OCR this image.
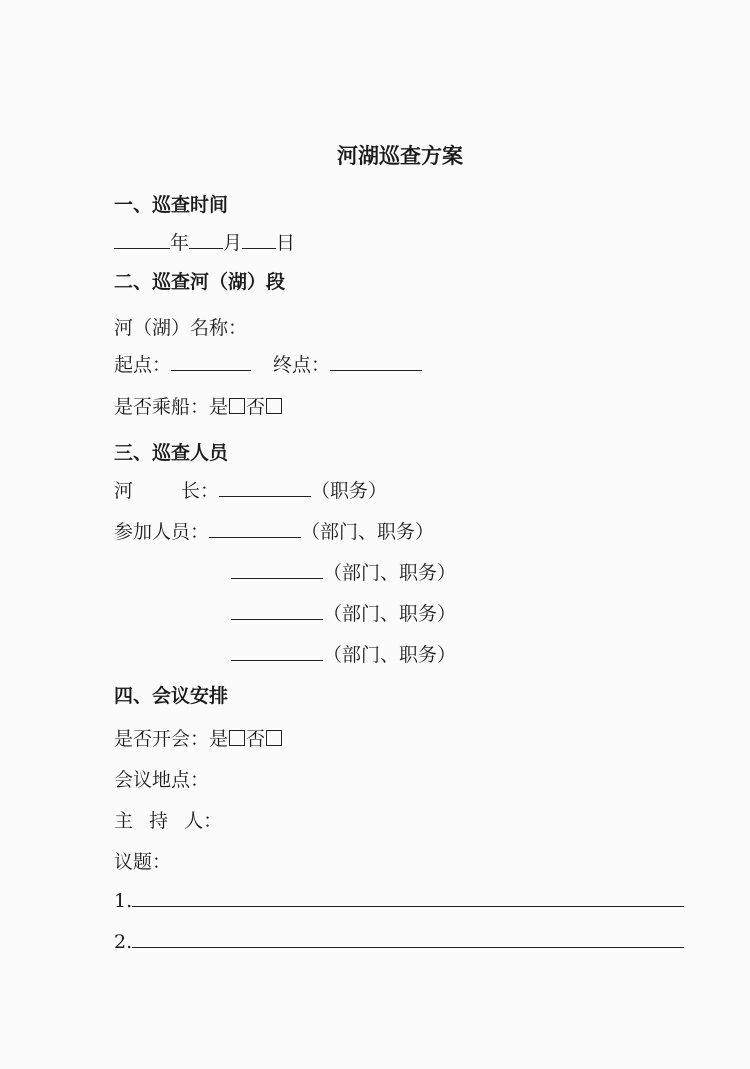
河湖巡查方案
一、巡查时间
年 月 日
二、巡查河（湖）段
河（湖）名称：
起点：	终点：
是否乘船：是 否
三、巡查人员
河	长：	（职务）
参加人员：	（部门、职务）
（部门、职务）
（部门、职务）
（部门、职务）
四、会议安排
是否开会：是 否
会议地点：
主 持 人：
议题：
1.
2.
